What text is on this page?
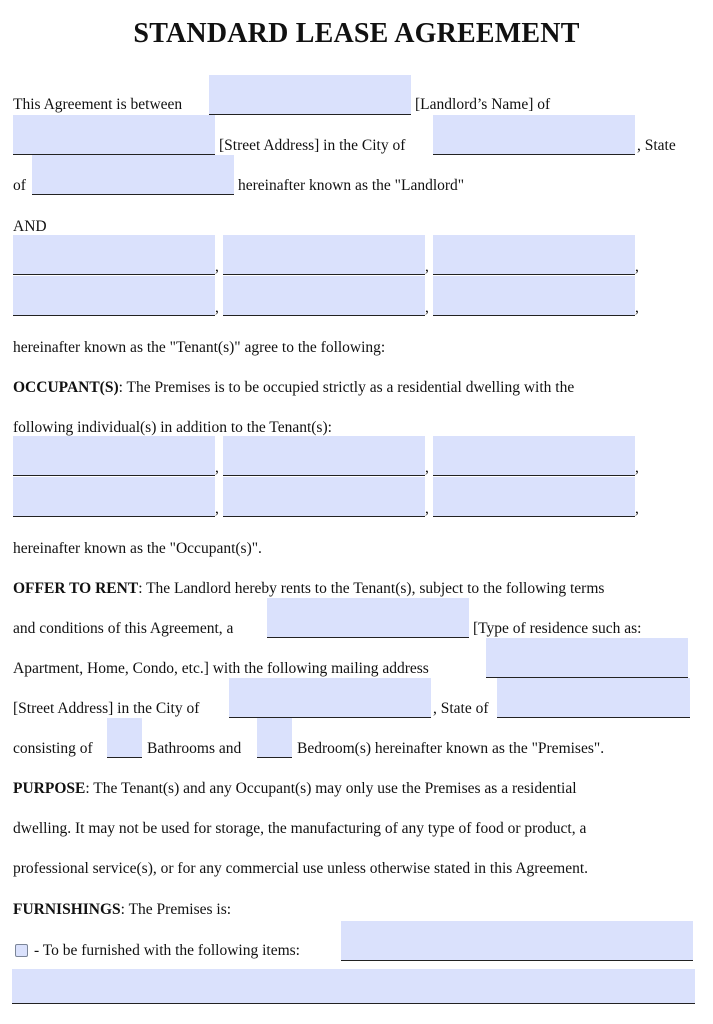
STANDARD LEASE AGREEMENT
This Agreement is between	[Landlord’s Name] of
[Street Address] in the City of	, State
of	hereinafter known as the "Landlord"
AND
,	,	,
,	,	,
hereinafter known as the "Tenant(s)" agree to the following:
OCCUPANT(S): The Premises is to be occupied strictly as a residential dwelling with the
following individual(s) in addition to the Tenant(s):
,	,	,
,	,	,
hereinafter known as the "Occupant(s)".
OFFER TO RENT: The Landlord hereby rents to the Tenant(s), subject to the following terms
and conditions of this Agreement, a	[Type of residence such as:
Apartment, Home, Condo, etc.] with the following mailing address
[Street Address] in the City of	, State of
consisting of	Bathrooms and	Bedroom(s) hereinafter known as the "Premises".
PURPOSE: The Tenant(s) and any Occupant(s) may only use the Premises as a residential
dwelling. It may not be used for storage, the manufacturing of any type of food or product, a
professional service(s), or for any commercial use unless otherwise stated in this Agreement.
FURNISHINGS: The Premises is:
- To be furnished with the following items:
